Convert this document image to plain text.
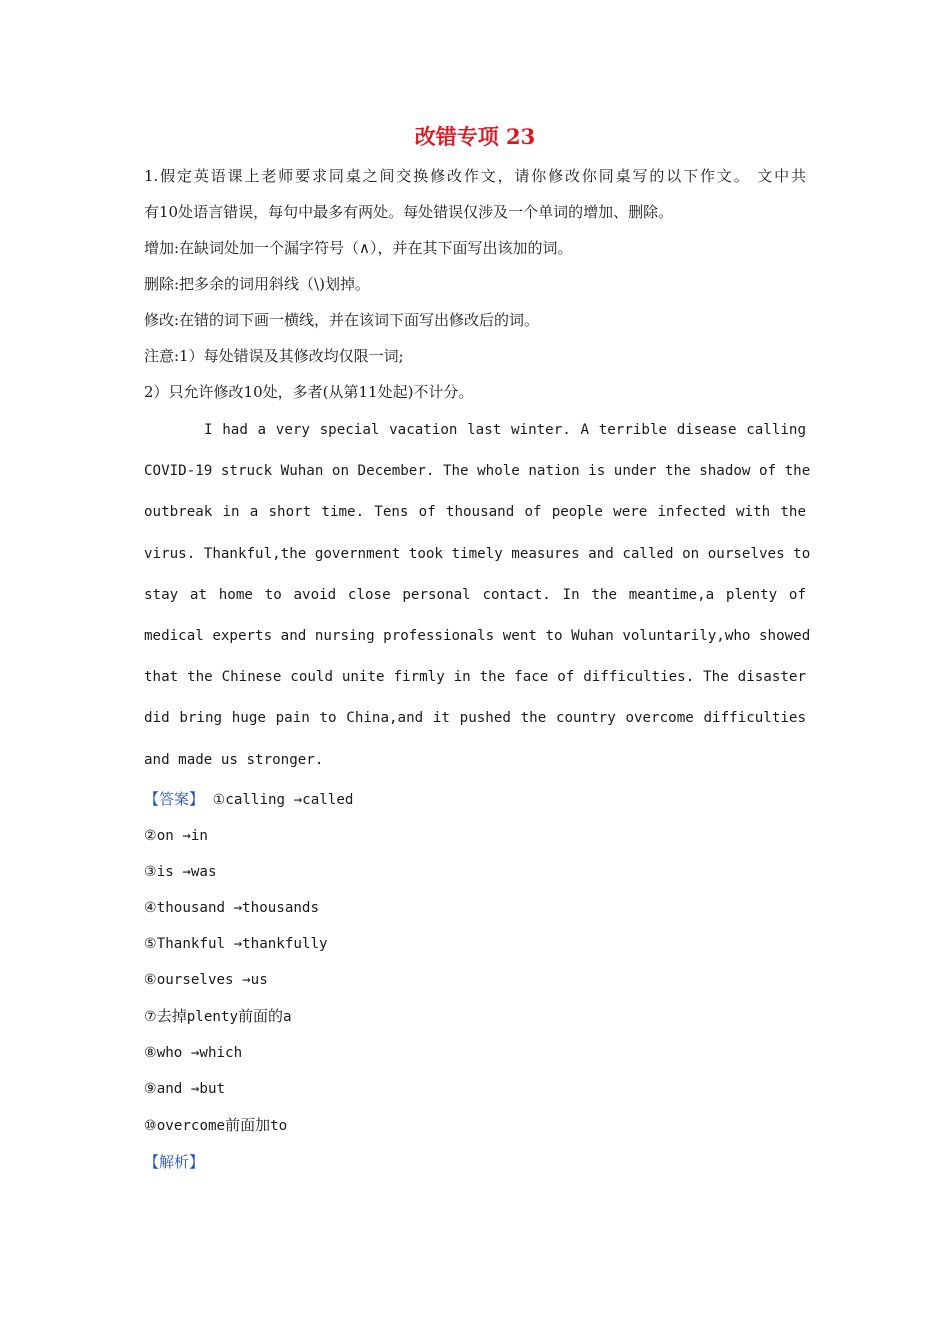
改错专项 23
1.假定英语课上老师要求同桌之间交换修改作文，请你修改你同桌写的以下作文。 文中共
有10处语言错误，每句中最多有两处。每处错误仅涉及一个单词的增加、删除。
增加:在缺词处加一个漏字符号（∧），并在其下面写出该加的词。
删除:把多余的词用斜线（\)划掉。
修改:在错的词下画一横线，并在该词下面写出修改后的词。
注意:1）每处错误及其修改均仅限一词;
2）只允许修改10处，多者(从第11处起)不计分。
I had a very special vacation last winter. A terrible disease calling
COVID-19 struck Wuhan on December. The whole nation is under the shadow of the
outbreak in a short time. Tens of thousand of people were infected with the
virus. Thankful,the government took timely measures and called on ourselves to
stay at home to avoid close personal contact. In the meantime,a plenty of
medical experts and nursing professionals went to Wuhan voluntarily,who showed
that the Chinese could unite firmly in the face of difficulties. The disaster
did bring huge pain to China,and it pushed the country overcome difficulties
and made us stronger.
【答案】 ①calling →called
②on →in
③is →was
④thousand →thousands
⑤Thankful →thankfully
⑥ourselves →us
⑦去掉plenty前面的a
⑧who →which
⑨and →but
⑩overcome前面加to
【解析】
